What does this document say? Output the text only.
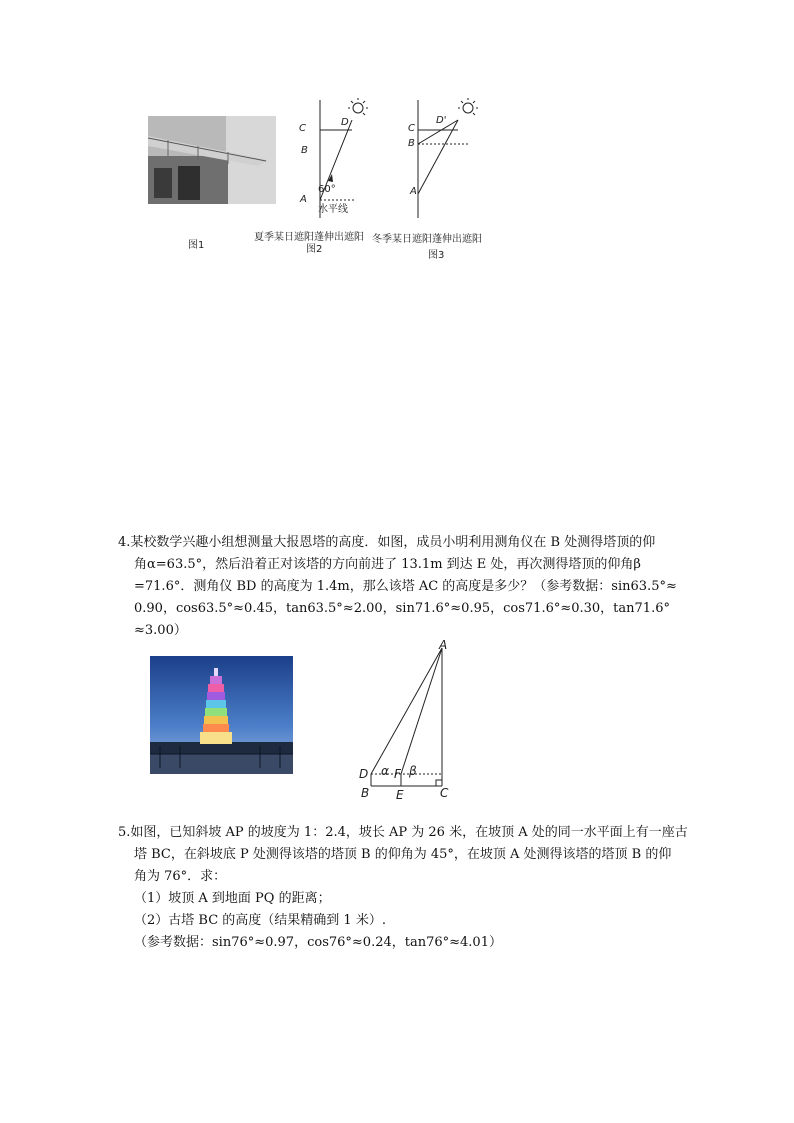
图1
C
D
B
A
60°
水平线
夏季某日遮阳蓬伸出遮阳
图2
C
D'
B
A
冬季某日遮阳蓬伸出遮阳
图3
4.某校数学兴趣小组想测量大报恩塔的高度．如图，成员小明利用测角仪在 B 处测得塔顶的仰
角α=63.5°，然后沿着正对该塔的方向前进了 13.1m 到达 E 处，再次测得塔顶的仰角β
=71.6°．测角仪 BD 的高度为 1.4m，那么该塔 AC 的高度是多少？（参考数据：sin63.5°≈
0.90，cos63.5°≈0.45，tan63.5°≈2.00，sin71.6°≈0.95，cos71.6°≈0.30，tan71.6°
≈3.00）
A
D α F β
B E	C
5.如图，已知斜坡 AP 的坡度为 1：2.4，坡长 AP 为 26 米，在坡顶 A 处的同一水平面上有一座古
塔 BC，在斜坡底 P 处测得该塔的塔顶 B 的仰角为 45°，在坡顶 A 处测得该塔的塔顶 B 的仰
角为 76°．求：
（1）坡顶 A 到地面 PQ 的距离；
（2）古塔 BC 的高度（结果精确到 1 米）.
（参考数据：sin76°≈0.97，cos76°≈0.24，tan76°≈4.01）
